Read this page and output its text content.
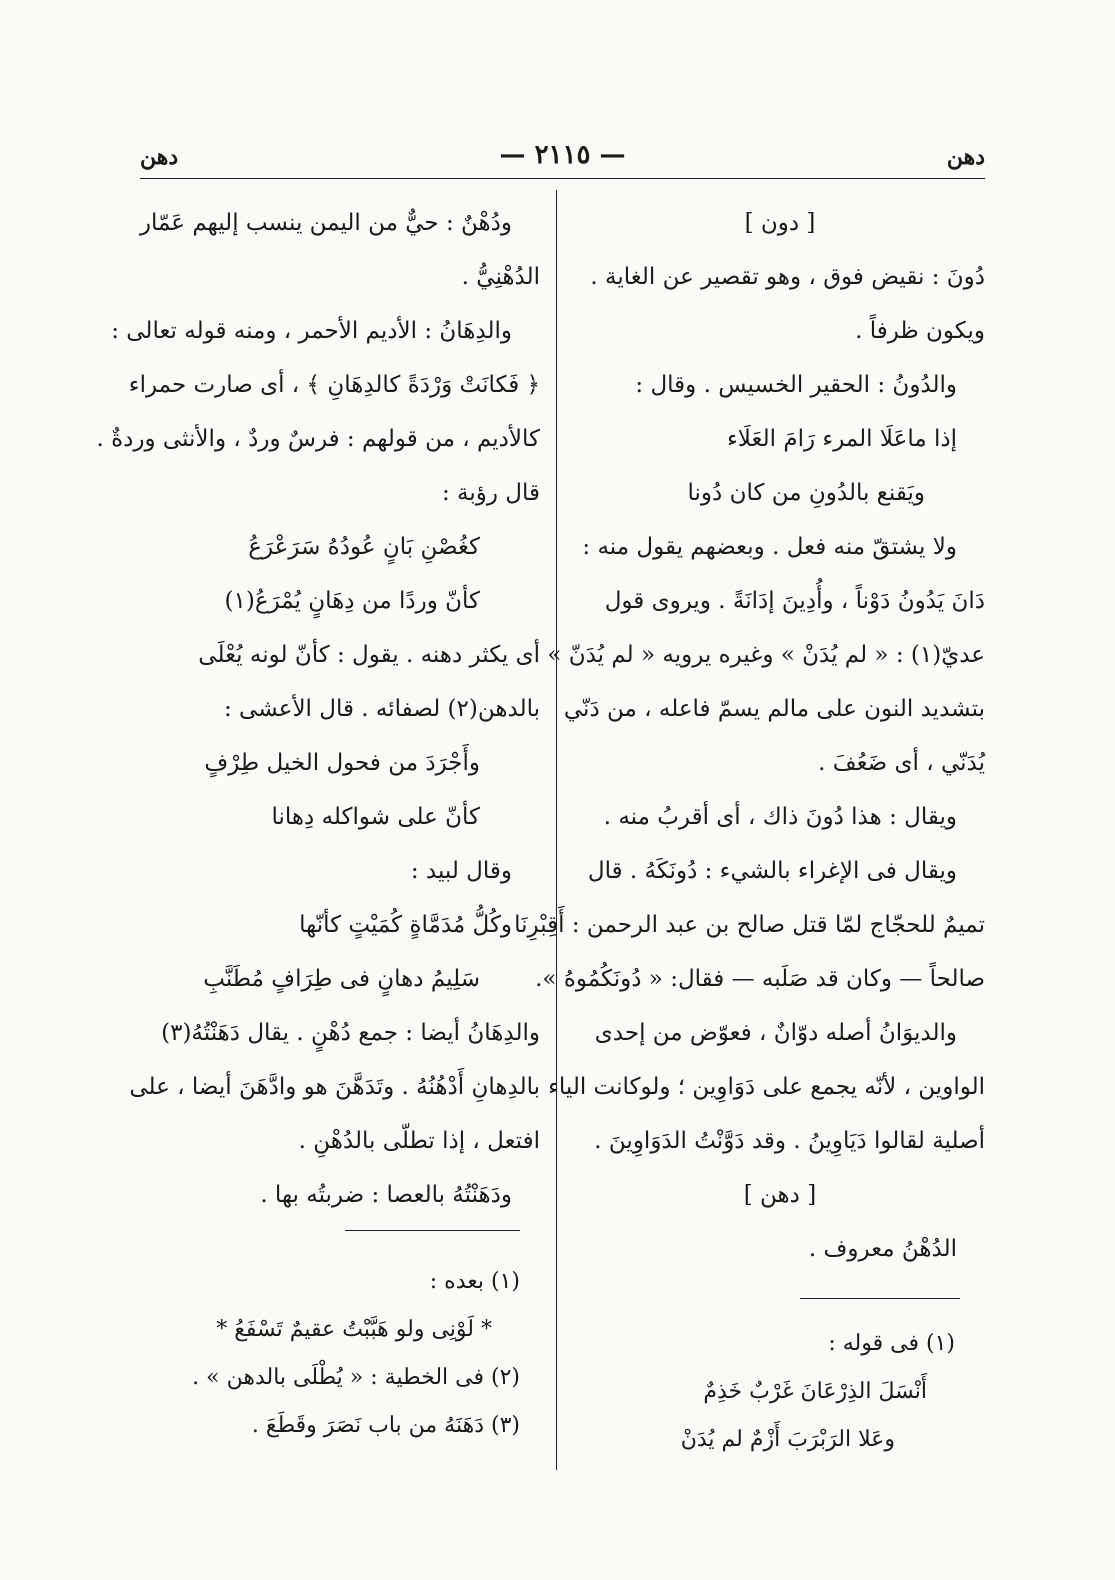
دهن
— ٢١١٥ —
دهن
[ دون ]
دُونَ : نقيض فوق ، وهو تقصير عن الغاية .
ويكون ظرفاً .
والدُونُ : الحقير الخسيس . وقال :
إذا ماعَلَا المرء رَامَ العَلَاء
ويَقنع بالدُونِ من كان دُونا
ولا يشتقّ منه فعل . وبعضهم يقول منه :
دَانَ يَدُونُ دَوْناً ، وأُدِينَ إدَانَةً . ويروى قول
عديّ(١) : « لم يُدَنْ » وغيره يرويه « لم يُدَنّ »
بتشديد النون على مالم يسمّ فاعله ، من دَنّي
يُدَنّي ، أى ضَعُفَ .
ويقال : هذا دُونَ ذاك ، أى أقربُ منه .
ويقال فى الإغراء بالشيء : دُونَكَهُ . قال
تميمٌ للحجّاج لمّا قتل صالح بن عبد الرحمن : أَقِبْرِنَا
صالحاً — وكان قد صَلَبه — فقال: « دُونَكُمُوهُ ».
والديوَانُ أصله دوّانٌ ، فعوّض من إحدى
الواوين ، لأنّه يجمع على دَوَاوِين ؛ ولوكانت الياء
أصلية لقالوا دَيَاوِينُ . وقد دَوَّنْتُ الدَوَاوِينَ .
[ دهن ]
الدُهْنُ معروف .
ودُهْنٌ : حيٌّ من اليمن ينسب إليهم عَمّار
الدُهْنِيُّ .
والدِهَانُ : الأديم الأحمر ، ومنه قوله تعالى :
﴿ فَكانَتْ وَرْدَةً كالدِهَانِ ﴾ ، أى صارت حمراء
كالأديم ، من قولهم : فرسٌ وردٌ ، والأنثى وردةٌ .
قال رؤبة :
كغُصْنِ بَانٍ عُودُهُ سَرَعْرَعُ
كأنّ وردًا من دِهَانٍ يُمْرَعُ(١)
أى يكثر دهنه . يقول : كأنّ لونه يُعْلَى
بالدهن(٢) لصفائه . قال الأعشى :
وأَجْرَدَ من فحول الخيل طِرْفٍ
كأنّ على شواكله دِهانا
وقال لبيد :
وكُلُّ مُدَمَّاةٍ كُمَيْتٍ كأنّها
سَلِيمُ دهانٍ فى طِرَافٍ مُطَنَّبِ
والدِهَانُ أيضا : جمع دُهْنٍ . يقال دَهَنْتُهُ(٣)
بالدِهانِ أَدْهُنُهُ . وتَدَهَّنَ هو وادَّهَنَ أيضا ، على
افتعل ، إذا تطلّى بالدُهْنِ .
ودَهَنْتُهُ بالعصا : ضربتُه بها .
(١) فى قوله :
أَنْسَلَ الذِرْعَانَ غَرْبٌ خَذِمٌ
وعَلا الرَبْرَبَ أَزْمٌ لم يُدَنْ
(١) بعده :
* لَوْنِى ولو هَبَّبْتُ عقيمٌ تَسْفَعُ *
(٢) فى الخطية : « يُطْلَى بالدهن » .
(٣) دَهَنَهُ من باب نَصَرَ وقَطَعَ .
